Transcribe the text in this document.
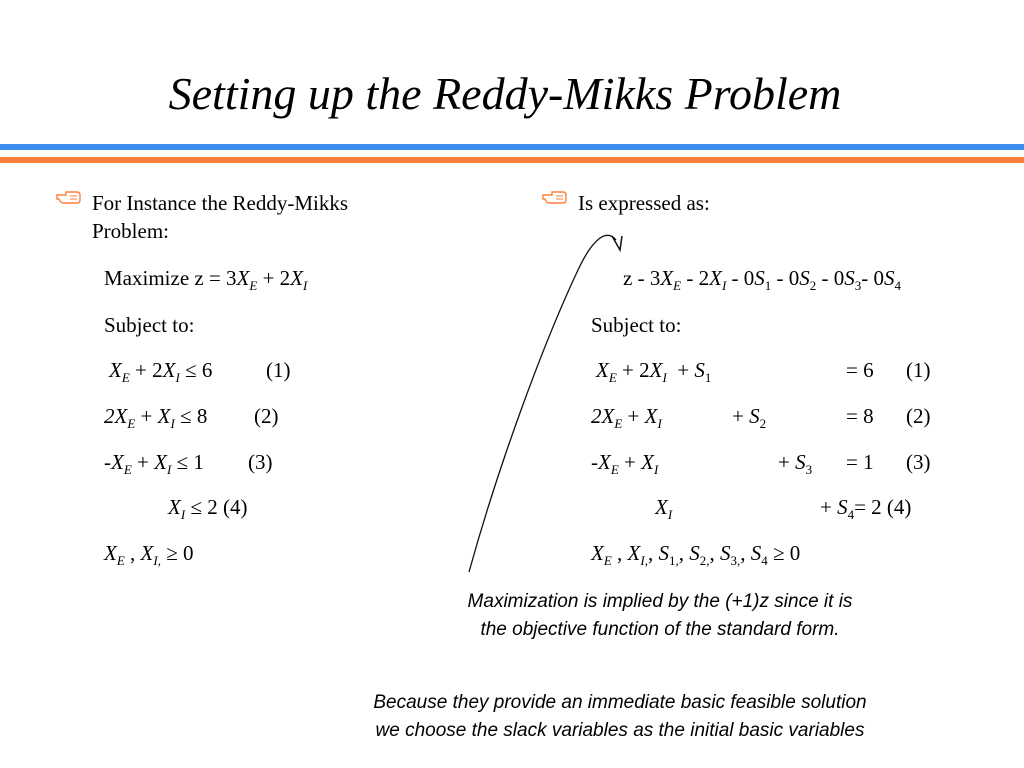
Setting up the Reddy-Mikks Problem
For Instance the Reddy-Mikks
Problem:
Maximize $z = 3X_E + 2X_I$
Subject to:
$X_E + 2X_I \le 6$	(1)
$2X_E + X_I \le 8$ (2)
$-X_E + X_I \le 1$ (3)
$X_I \le 2$ (4)
$X_E$ , $X_{I,} \ge 0$
Is expressed as:
z - $3X_E - 2X_I - 0S_1 - 0S_2 - 0S_3-$ $0S_4$
Subject to:
$X_E + 2X_I + S_1$	= 6 (1)
$2X_E + X_I$	+ $S_2$	= 8 (2)
$-X_E + X_I$	+ $S_3 = 1$ (3)
$X_I$	+ $S_4= 2$ (4)
$X_E$ , $X_{I,}$, $S_{1,}$, $S_{2,}$, $S_{3,}$, $S_4 \ge 0$
Maximization is implied by the (+1)z since it is
the objective function of the standard form.
Because they provide an immediate basic feasible solution
we choose the slack variables as the initial basic variables
